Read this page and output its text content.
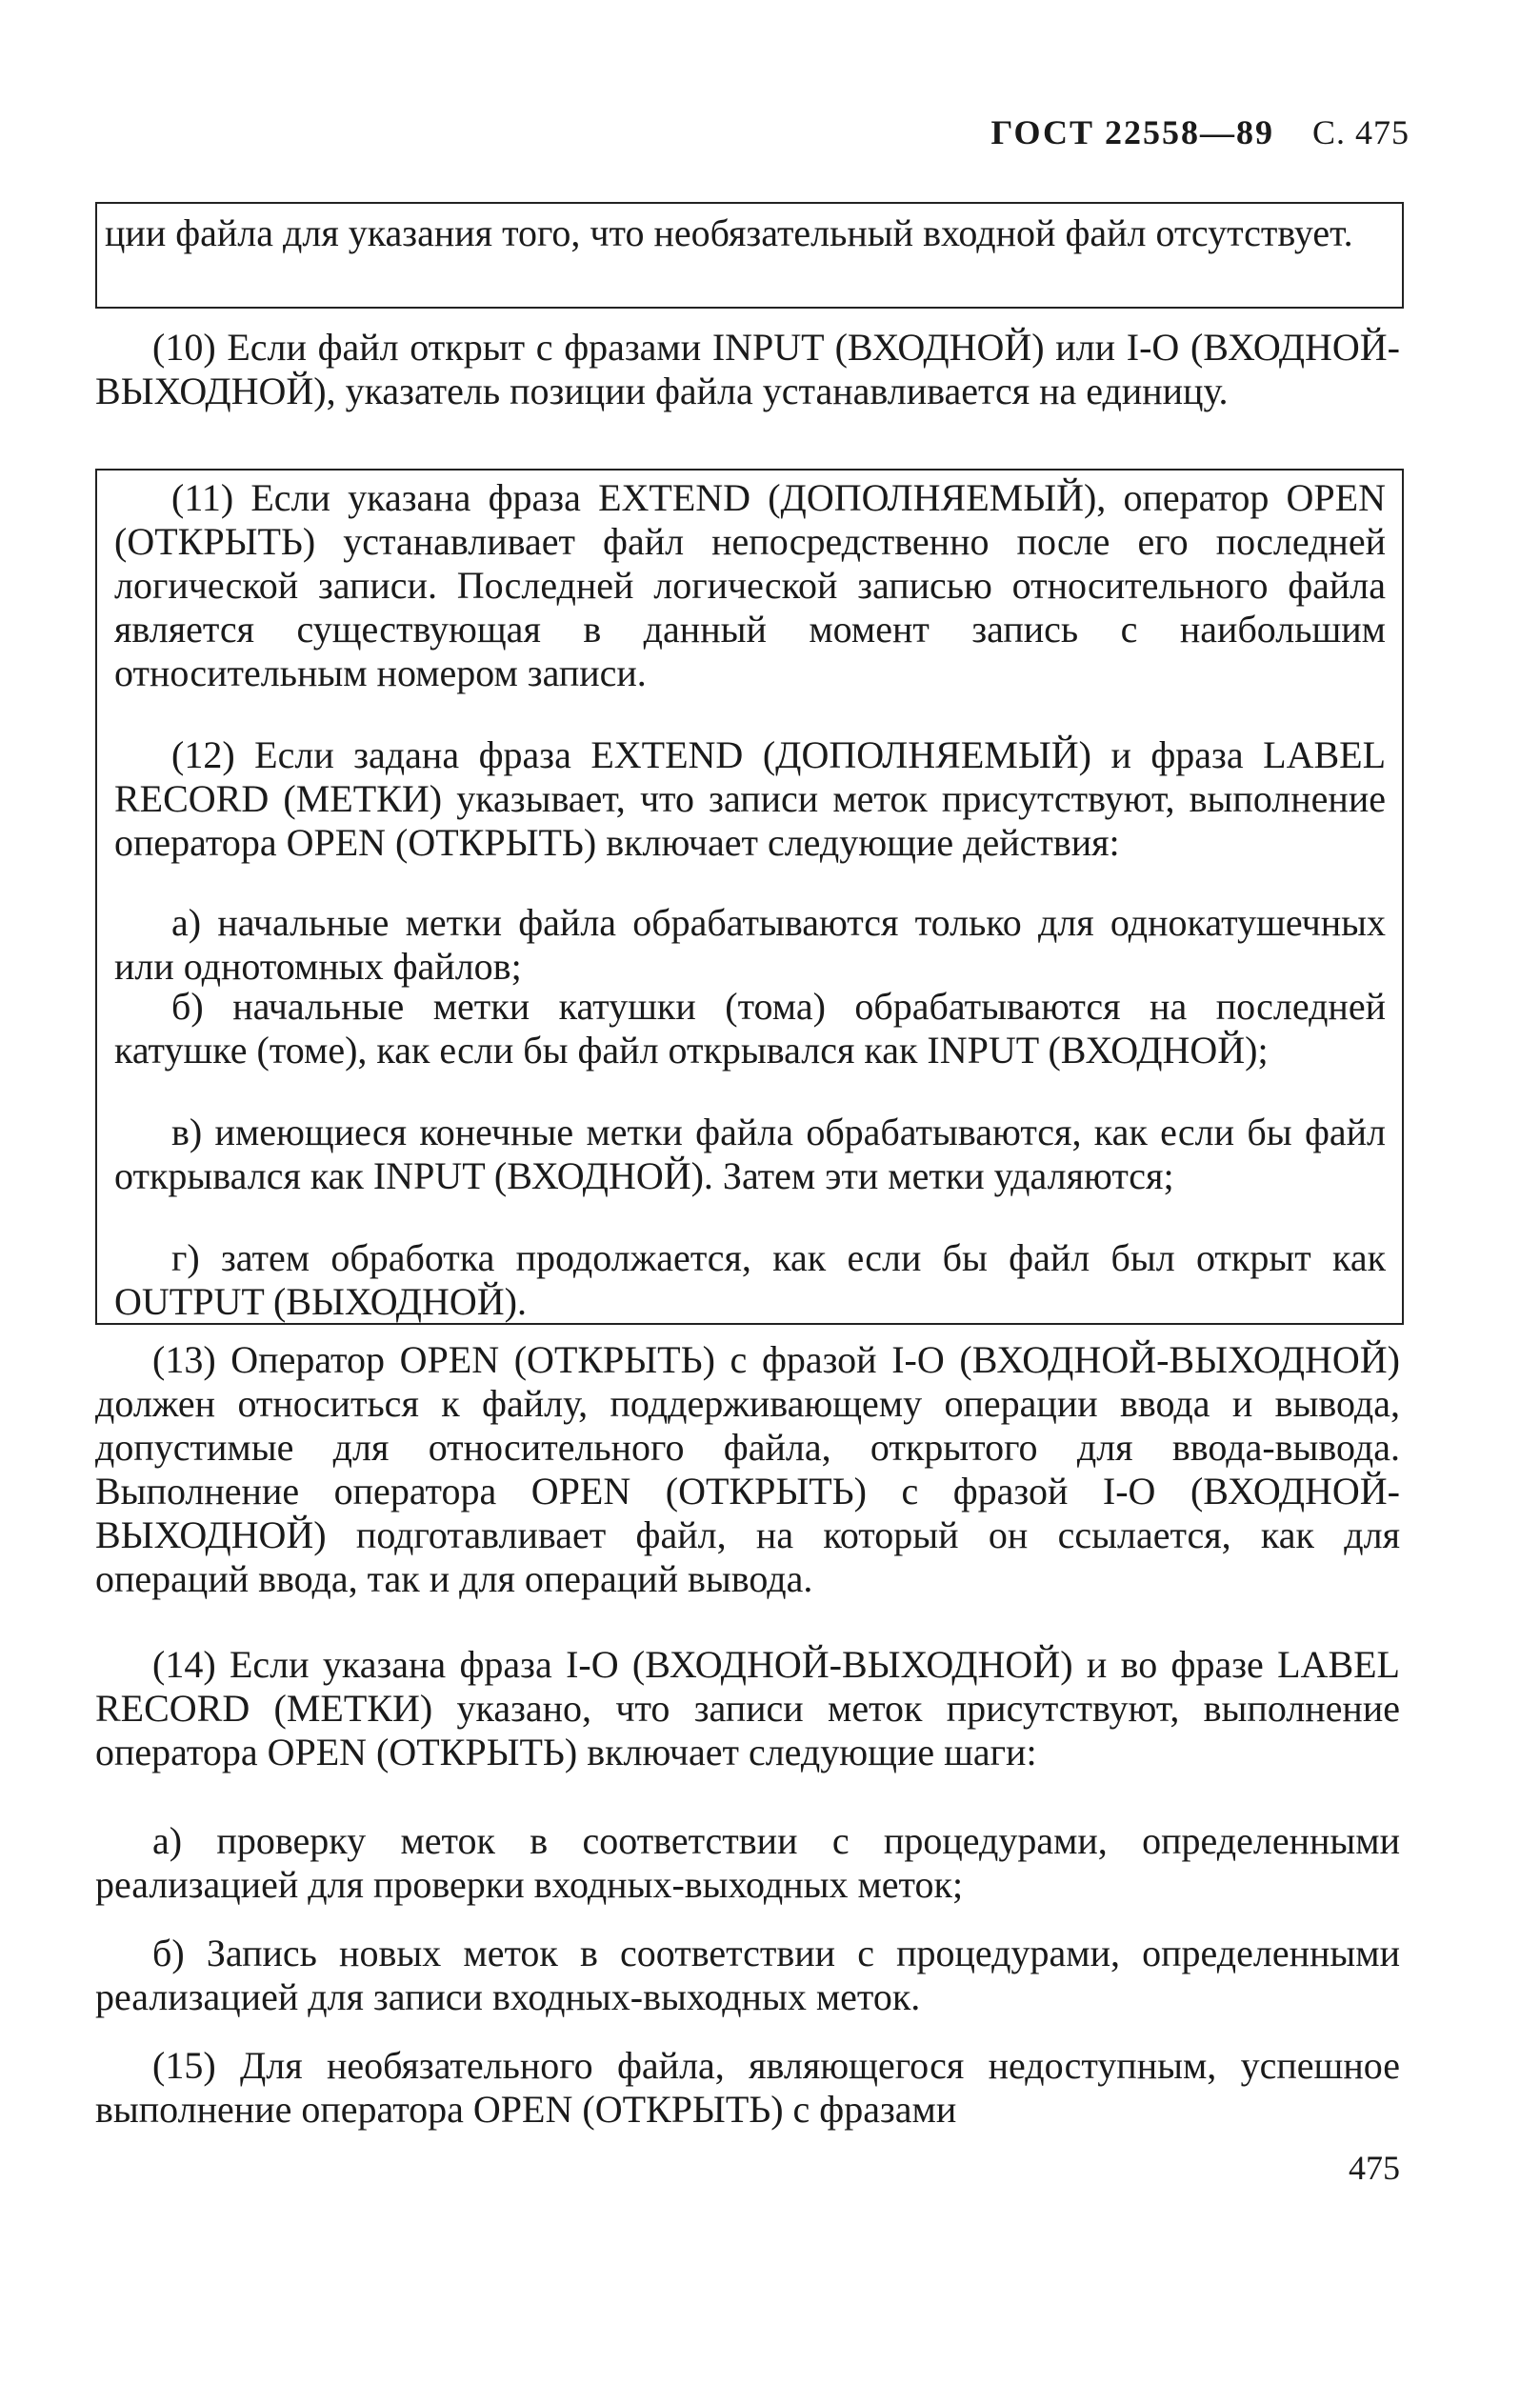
ГОСТ 22558—89 С. 475

ции файла для указания того, что необязательный входной файл отсутствует.

(10) Если файл открыт с фразами INPUT (ВХОДНОЙ) или I-O (ВХОДНОЙ-ВЫХОДНОЙ), указатель позиции файла устанавливается на единицу.

(11) Если указана фраза EXTEND (ДОПОЛНЯЕМЫЙ), оператор OPEN (ОТКРЫТЬ) устанавливает файл непосредственно после его последней логической записи. Последней логической записью относительного файла является существующая в данный момент запись с наибольшим относительным номером записи.

(12) Если задана фраза EXTEND (ДОПОЛНЯЕМЫЙ) и фраза LABEL RECORD (МЕТКИ) указывает, что записи меток присутствуют, выполнение оператора OPEN (ОТКРЫТЬ) включает следующие действия:

а) начальные метки файла обрабатываются только для однокатушечных или однотомных файлов;

б) начальные метки катушки (тома) обрабатываются на последней катушке (томе), как если бы файл открывался как INPUT (ВХОДНОЙ);

в) имеющиеся конечные метки файла обрабатываются, как если бы файл открывался как INPUT (ВХОДНОЙ). Затем эти метки удаляются;

г) затем обработка продолжается, как если бы файл был открыт как OUTPUT (ВЫХОДНОЙ).

(13) Оператор OPEN (ОТКРЫТЬ) с фразой I-O (ВХОДНОЙ-ВЫХОДНОЙ) должен относиться к файлу, поддерживающему операции ввода и вывода, допустимые для относительного файла, открытого для ввода-вывода. Выполнение оператора OPEN (ОТКРЫТЬ) с фразой I-O (ВХОДНОЙ-ВЫХОДНОЙ) подготавливает файл, на который он ссылается, как для операций ввода, так и для операций вывода.

(14) Если указана фраза I-O (ВХОДНОЙ-ВЫХОДНОЙ) и во фразе LABEL RECORD (МЕТКИ) указано, что записи меток присутствуют, выполнение оператора OPEN (ОТКРЫТЬ) включает следующие шаги:

а) проверку меток в соответствии с процедурами, определенными реализацией для проверки входных-выходных меток;

б) Запись новых меток в соответствии с процедурами, определенными реализацией для записи входных-выходных меток.

(15) Для необязательного файла, являющегося недоступным, успешное выполнение оператора OPEN (ОТКРЫТЬ) с фразами

475
